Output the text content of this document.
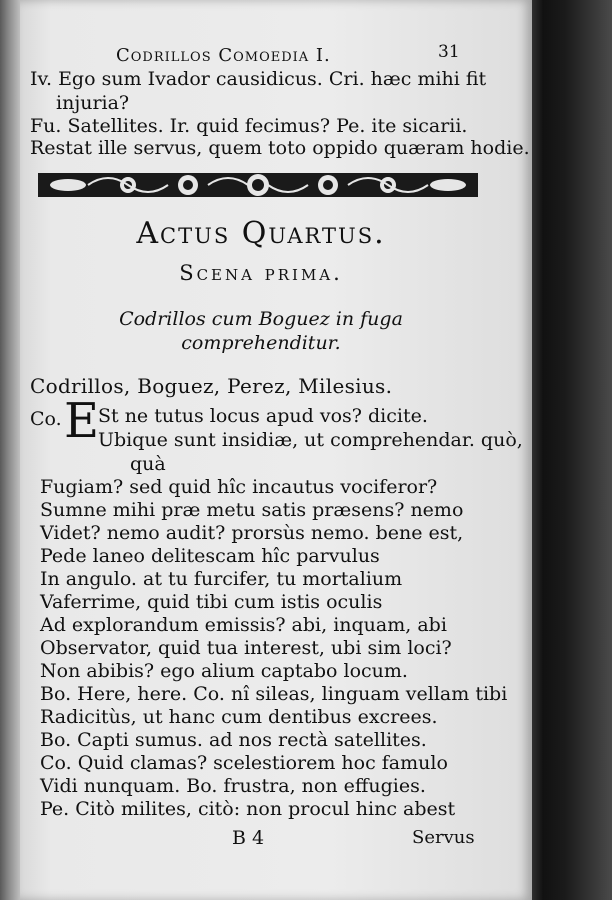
Codrillos Comoedia I.	31
Iv. Ego sum Ivador causidicus. Cri. hæc mihi fit
injuria?
Fu. Satellites. Ir. quid fecimus? Pe. ite sicarii.
Restat ille servus, quem toto oppido quæram hodie.
Actus Quartus.
Scena prima.
Codrillos cum Boguez in fuga
comprehenditur.
Codrillos, Boguez, Perez, Milesius.
Co. E
St ne tutus locus apud vos? dicite.
Ubique sunt insidiæ, ut comprehendar. quò,
quà
Fugiam? sed quid hîc incautus vociferor?
Sumne mihi præ metu satis præsens? nemo
Videt? nemo audit? prorsùs nemo. bene est,
Pede laneo delitescam hîc parvulus
In angulo. at tu furcifer, tu mortalium
Vaferrime, quid tibi cum istis oculis
Ad explorandum emissis? abi, inquam, abi
Observator, quid tua interest, ubi sim loci?
Non abibis? ego alium captabo locum.
Bo. Here, here. Co. nî sileas, linguam vellam tibi
Radicitùs, ut hanc cum dentibus excrees.
Bo. Capti sumus. ad nos rectà satellites.
Co. Quid clamas? scelestiorem hoc famulo
Vidi nunquam. Bo. frustra, non effugies.
Pe. Citò milites, citò: non procul hinc abest
B 4	Servus
